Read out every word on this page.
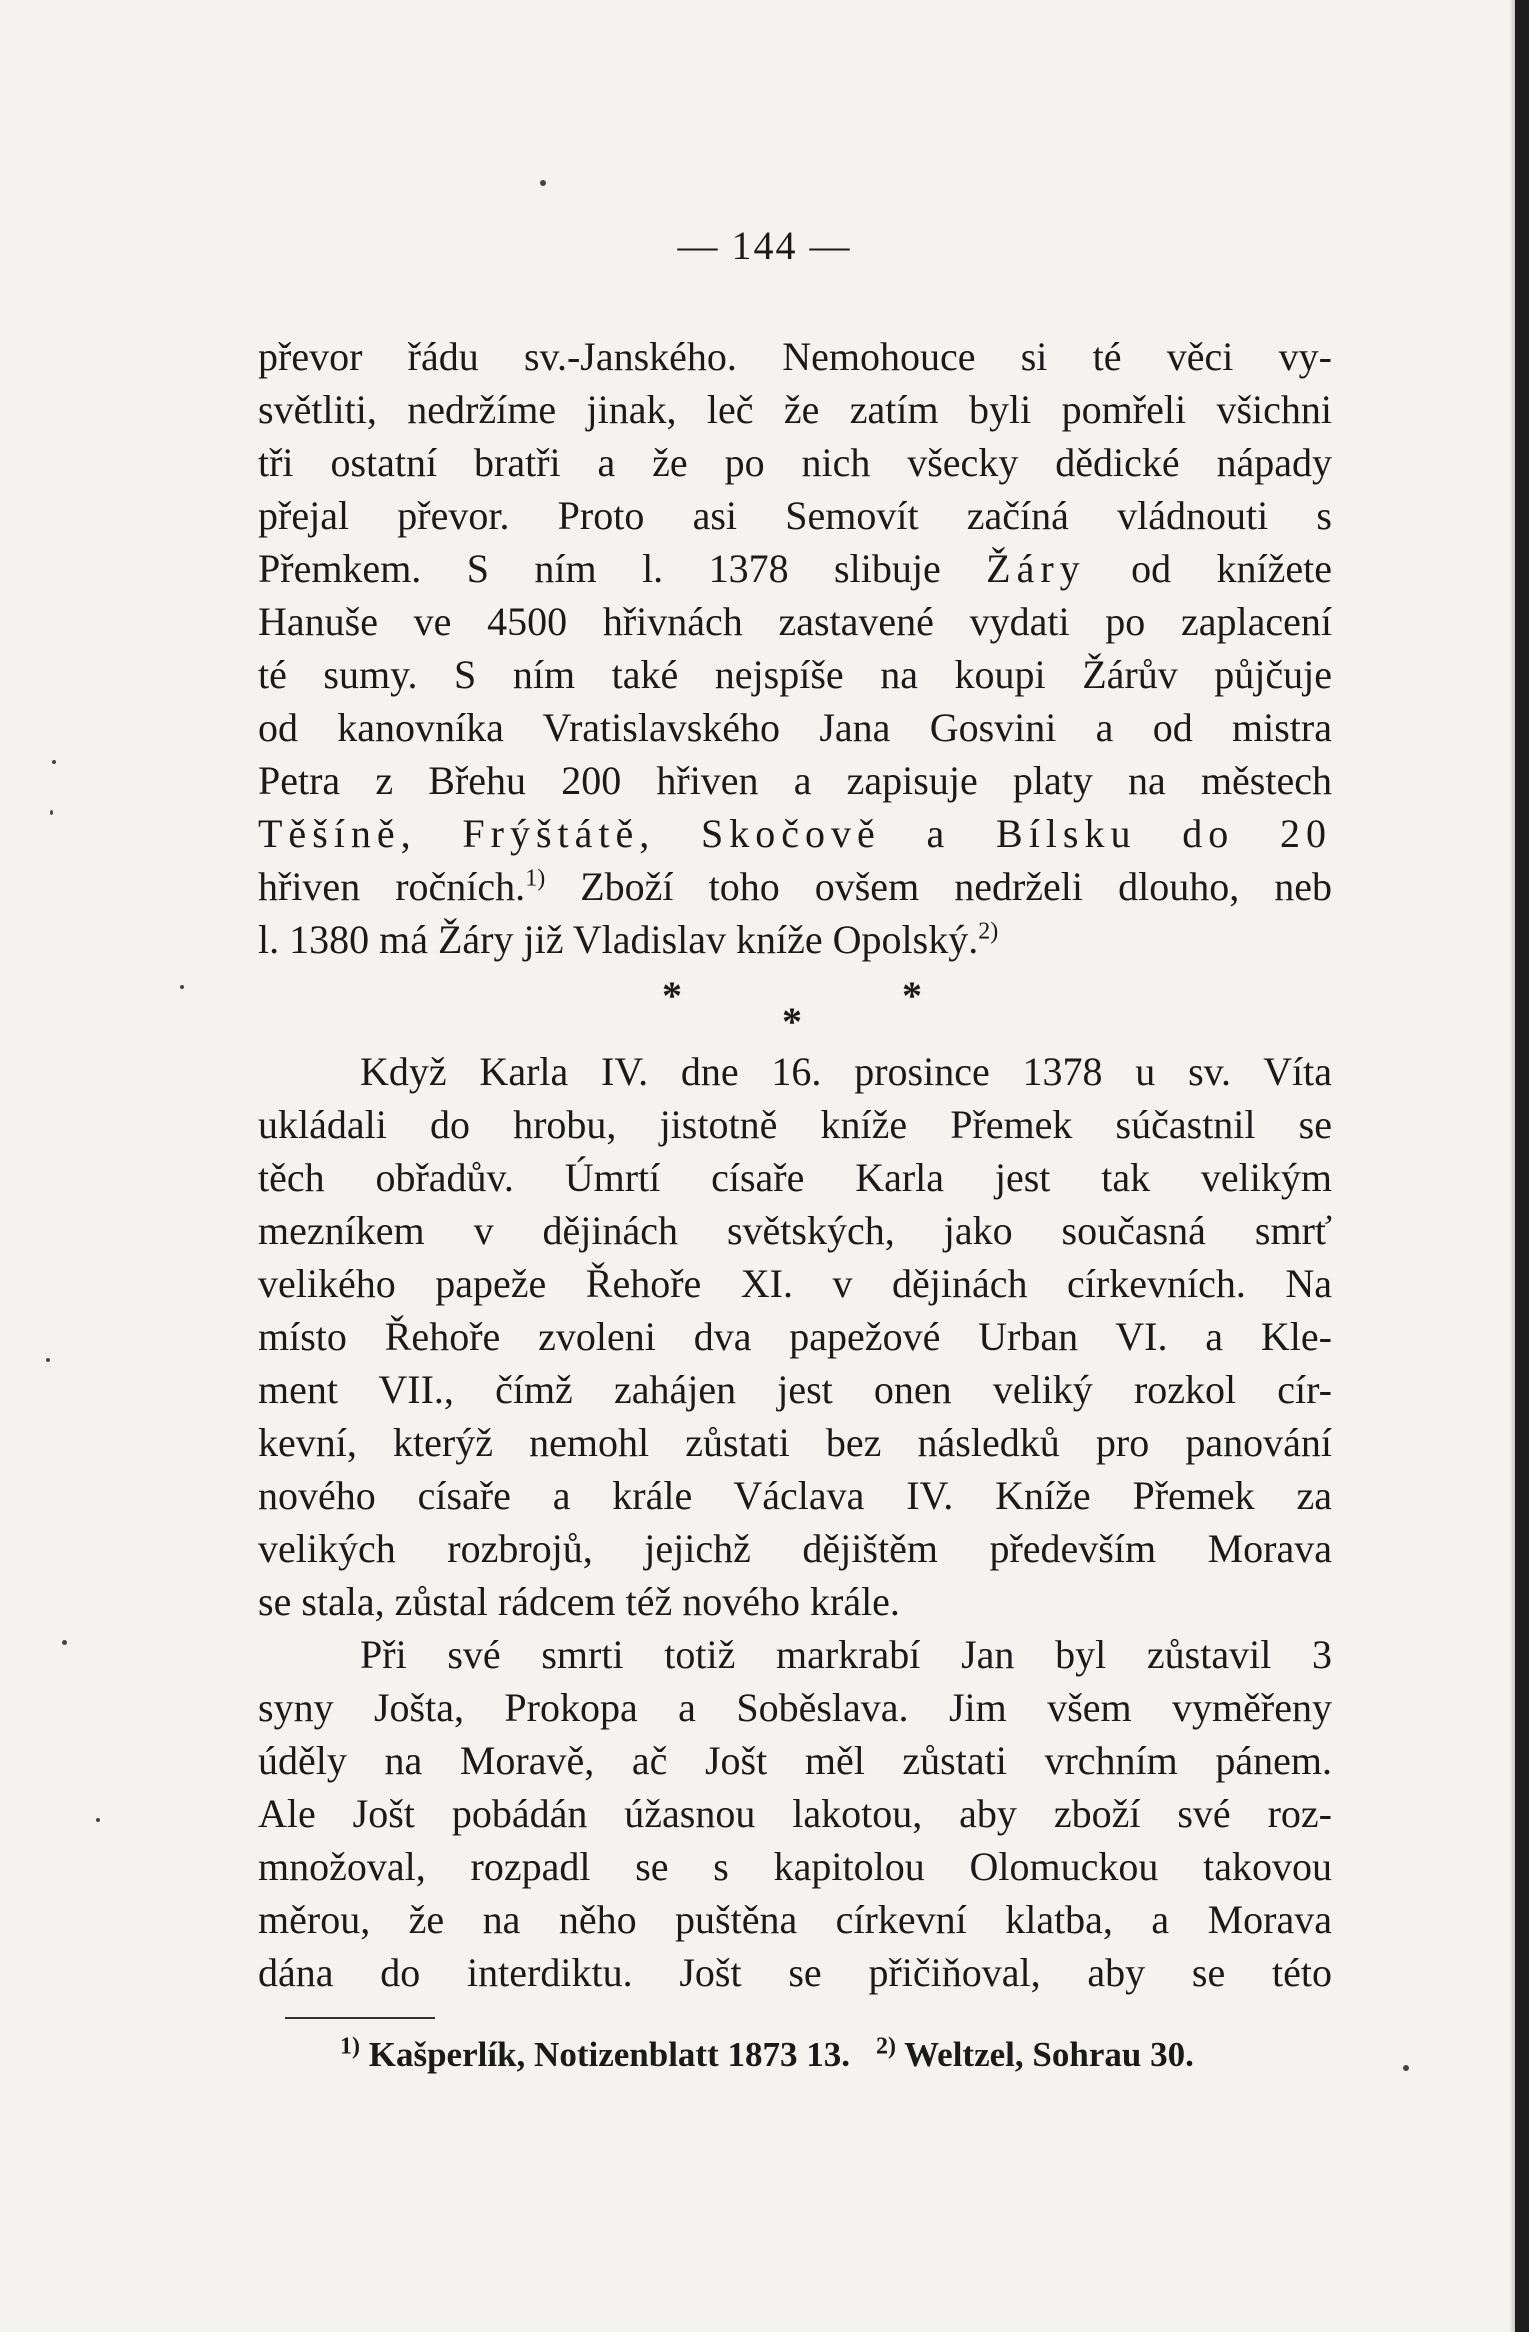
— 144 —
převor řádu sv.-Janského. Nemohouce si té věci vy-
světliti, nedržíme jinak, leč že zatím byli pomřeli všichni
tři ostatní bratři a že po nich všecky dědické nápady
přejal převor. Proto asi Semovít začíná vládnouti s
Přemkem. S ním l. 1378 slibuje Žáry od knížete
Hanuše ve 4500 hřivnách zastavené vydati po zaplacení
té sumy. S ním také nejspíše na koupi Žárův půjčuje
od kanovníka Vratislavského Jana Gosvini a od mistra
Petra z Břehu 200 hřiven a zapisuje platy na městech
Těšíně, Frýštátě, Skočově a Bílsku do 20
hřiven ročních.$^{1)}$ Zboží toho ovšem nedrželi dlouho, neb
l. 1380 má Žáry již Vladislav kníže Opolský.$^{2)}$
*	*
*
Když Karla IV. dne 16. prosince 1378 u sv. Víta
ukládali do hrobu, jistotně kníže Přemek súčastnil se
těch obřadův. Úmrtí císaře Karla jest tak velikým
mezníkem v dějinách světských, jako současná smrť
velikého papeže Řehoře XI. v dějinách církevních. Na
místo Řehoře zvoleni dva papežové Urban VI. a Kle-
ment VII., čímž zahájen jest onen veliký rozkol cír-
kevní, kterýž nemohl zůstati bez následků pro panování
nového císaře a krále Václava IV. Kníže Přemek za
velikých rozbrojů, jejichž dějištěm především Morava
se stala, zůstal rádcem též nového krále.
Při své smrti totiž markrabí Jan byl zůstavil 3
syny Jošta, Prokopa a Soběslava. Jim všem vyměřeny
úděly na Moravě, ač Jošt měl zůstati vrchním pánem.
Ale Jošt pobádán úžasnou lakotou, aby zboží své roz-
množoval, rozpadl se s kapitolou Olomuckou takovou
měrou, že na něho puštěna církevní klatba, a Morava
dána do interdiktu. Jošt se přičiňoval, aby se této
$^{1)}$ Kašperlík, Notizenblatt 1873 13. $^{2)}$ Weltzel, Sohrau 30.
